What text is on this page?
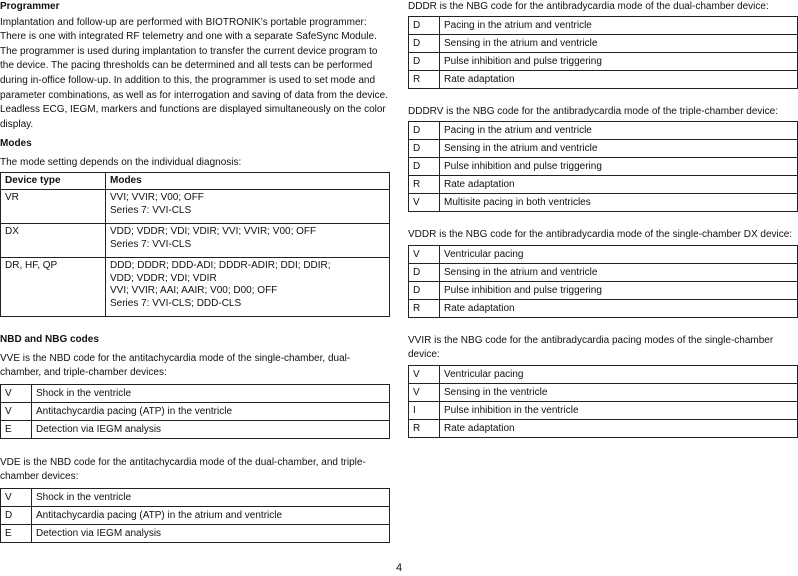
Programmer

Implantation and follow-up are performed with BIOTRONIK’s portable programmer: There is one with integrated RF telemetry and one with a separate SafeSync Module. The programmer is used during implantation to transfer the current device program to the device. The pacing thresholds can be determined and all tests can be performed during in-office follow-up. In addition to this, the programmer is used to set mode and parameter combinations, as well as for interrogation and saving of data from the device. Leadless ECG, IEGM, markers and functions are displayed simultaneously on the color display.

Modes

The mode setting depends on the individual diagnosis:

Device type	Modes
VR	VVI; VVIR; V00; OFF
Series 7: VVI-CLS

DX	VDD; VDDR; VDI; VDIR; VVI; VVIR; V00; OFF
Series 7: VVI-CLS

DR, HF, QP	DDD; DDDR; DDD-ADI; DDDR-ADIR; DDI; DDIR;
VDD; VDDR; VDI; VDIR
VVI; VVIR; AAI; AAIR; V00; D00; OFF
Series 7: VVI-CLS; DDD-CLS

NBD and NBG codes

VVE is the NBD code for the antitachycardia mode of the single-chamber, dual-chamber, and triple-chamber devices:

V	Shock in the ventricle
V	Antitachycardia pacing (ATP) in the ventricle
E	Detection via IEGM analysis

VDE is the NBD code for the antitachycardia mode of the dual-chamber, and triple-chamber devices:

V	Shock in the ventricle
D	Antitachycardia pacing (ATP) in the atrium and ventricle
E	Detection via IEGM analysis

DDDR is the NBG code for the antibradycardia mode of the dual-chamber device:

D	Pacing in the atrium and ventricle
D	Sensing in the atrium and ventricle
D	Pulse inhibition and pulse triggering
R	Rate adaptation

DDDRV is the NBG code for the antibradycardia mode of the triple-chamber device:

D	Pacing in the atrium and ventricle
D	Sensing in the atrium and ventricle
D	Pulse inhibition and pulse triggering
R	Rate adaptation
V	Multisite pacing in both ventricles

VDDR is the NBG code for the antibradycardia mode of the single-chamber DX device:

V	Ventricular pacing
D	Sensing in the atrium and ventricle
D	Pulse inhibition and pulse triggering
R	Rate adaptation

VVIR is the NBG code for the antibradycardia pacing modes of the single-chamber device:

V	Ventricular pacing
V	Sensing in the ventricle
I	Pulse inhibition in the ventricle
R	Rate adaptation
4
